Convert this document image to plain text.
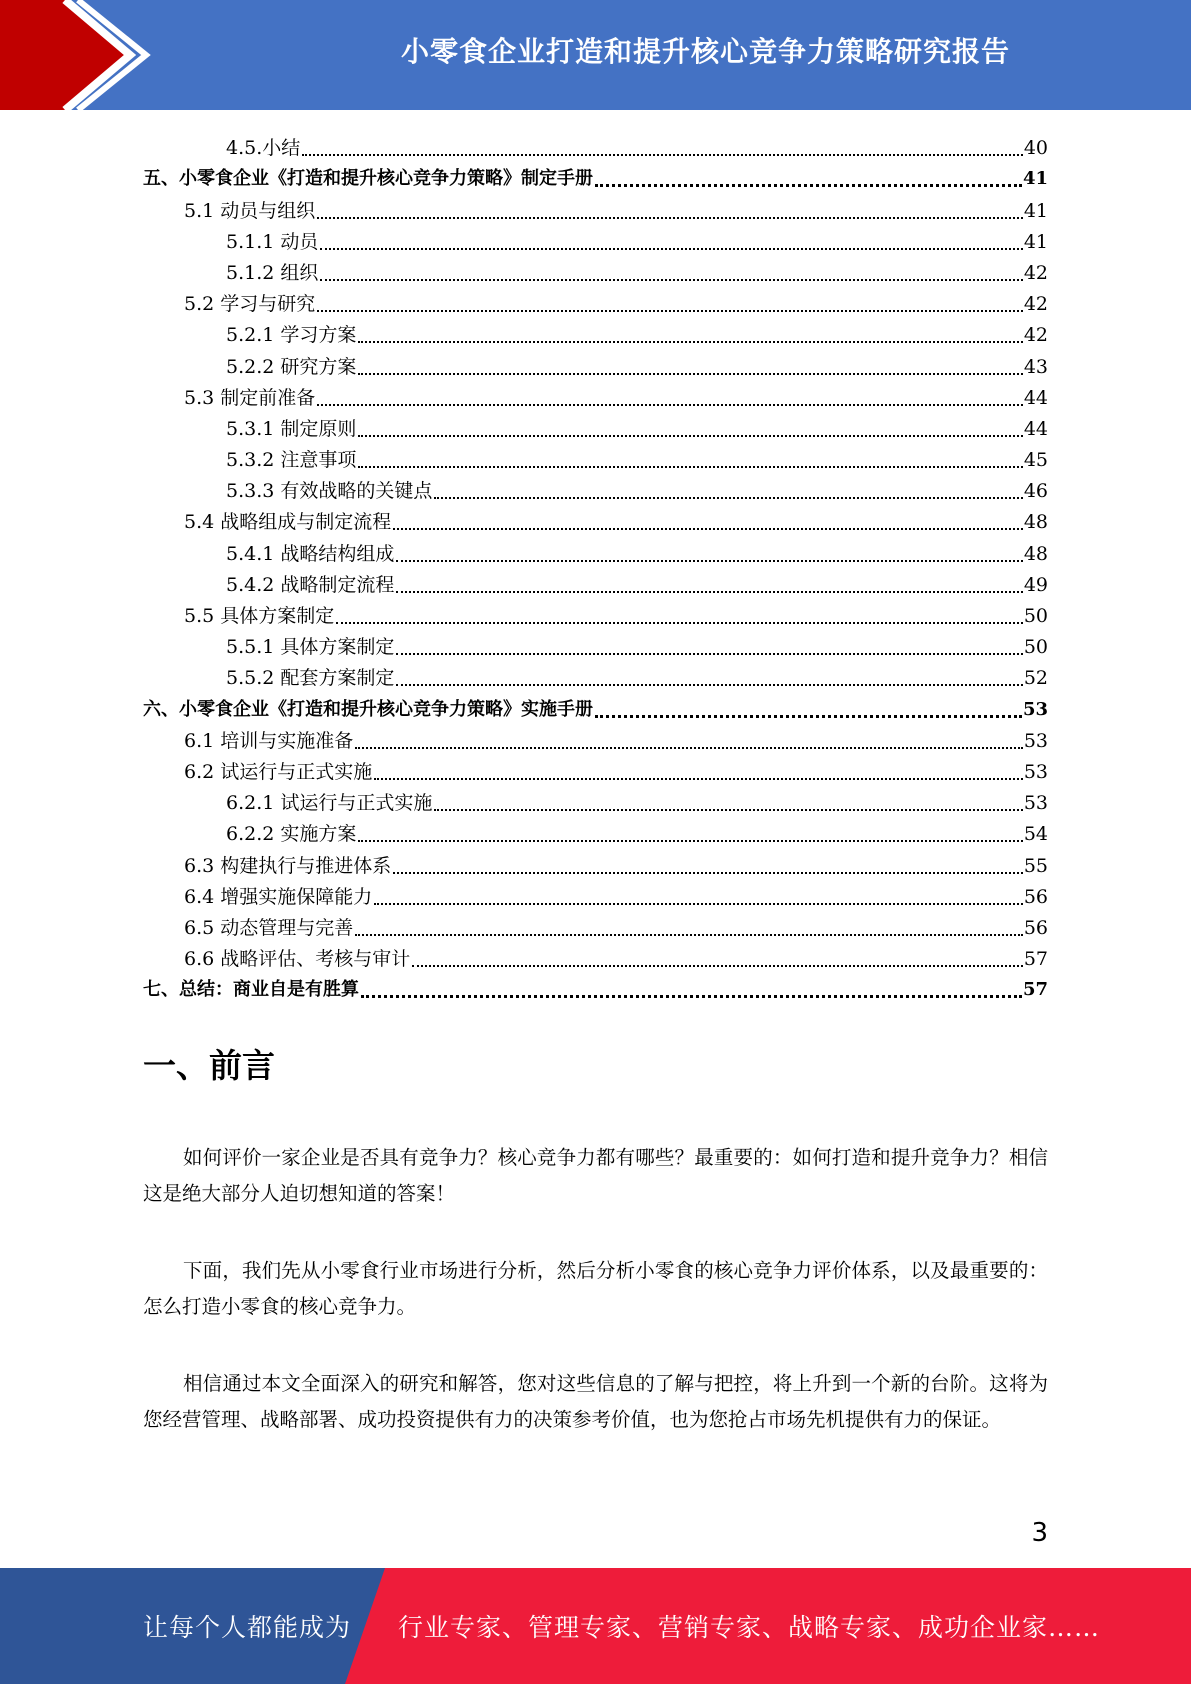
小零食企业打造和提升核心竞争力策略研究报告
4.5.小结	40
五、小零食企业《打造和提升核心竞争力策略》制定手册	41
5.1 动员与组织	41
5.1.1 动员	41
5.1.2 组织	42
5.2 学习与研究	42
5.2.1 学习方案	42
5.2.2 研究方案	43
5.3 制定前准备	44
5.3.1 制定原则	44
5.3.2 注意事项	45
5.3.3 有效战略的关键点	46
5.4 战略组成与制定流程	48
5.4.1 战略结构组成	48
5.4.2 战略制定流程	49
5.5 具体方案制定	50
5.5.1 具体方案制定	50
5.5.2 配套方案制定	52
六、小零食企业《打造和提升核心竞争力策略》实施手册	53
6.1 培训与实施准备	53
6.2 试运行与正式实施	53
6.2.1 试运行与正式实施	53
6.2.2 实施方案	54
6.3 构建执行与推进体系	55
6.4 增强实施保障能力	56
6.5 动态管理与完善	56
6.6 战略评估、考核与审计	57
七、总结：商业自是有胜算	57
一、前言

如何评价一家企业是否具有竞争力？核心竞争力都有哪些？最重要的：如何打造和提升竞争力？相信这是绝大部分人迫切想知道的答案！

下面，我们先从小零食行业市场进行分析，然后分析小零食的核心竞争力评价体系，以及最重要的：怎么打造小零食的核心竞争力。

相信通过本文全面深入的研究和解答，您对这些信息的了解与把控，将上升到一个新的台阶。这将为您经营管理、战略部署、成功投资提供有力的决策参考价值，也为您抢占市场先机提供有力的保证。

3
让每个人都能成为 行业专家、管理专家、营销专家、战略专家、成功企业家……
